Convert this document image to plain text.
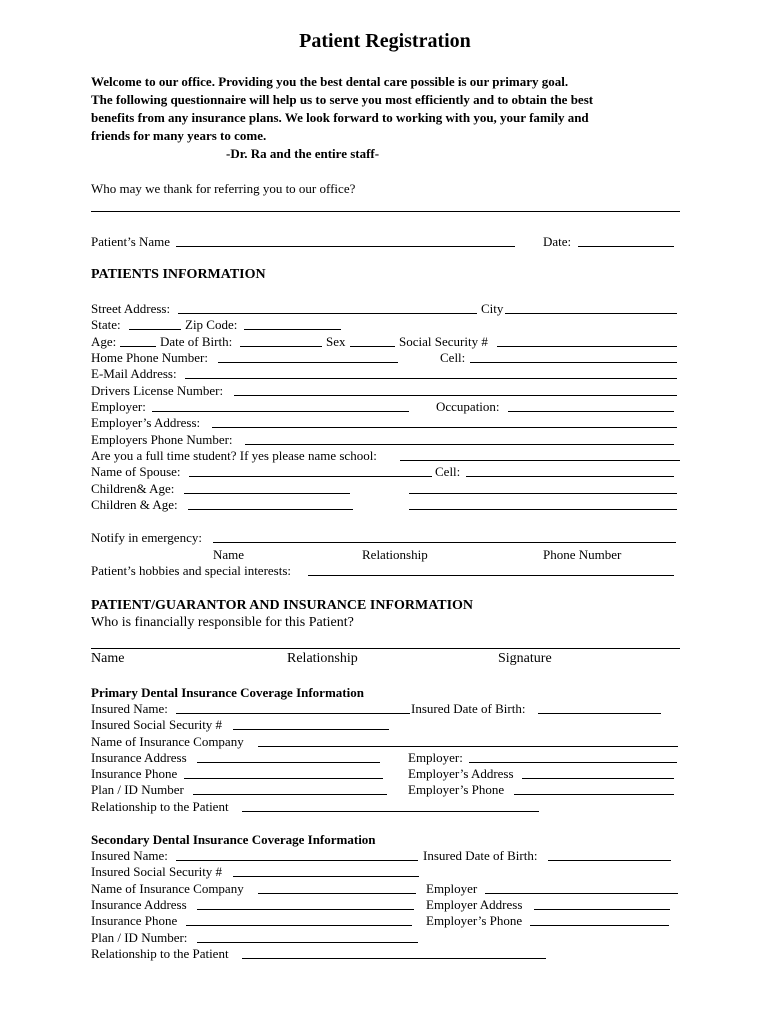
Patient Registration
Welcome to our office. Providing you the best dental care possible is our primary goal.
The following questionnaire will help us to serve you most efficiently and to obtain the best
benefits from any insurance plans. We look forward to working with you, your family and
friends for many years to come.
-Dr. Ra and the entire staff-
Who may we thank for referring you to our office?
Patient’s Name	Date:
PATIENTS INFORMATION
Street Address:	City
State:	Zip Code:
Age:	Date of Birth:	Sex	Social Security #
Home Phone Number:	Cell:
E-Mail Address:
Drivers License Number:
Employer:	Occupation:
Employer’s Address:
Employers Phone Number:
Are you a full time student? If yes please name school:
Name of Spouse:	Cell:
Children& Age:
Children & Age:
Notify in emergency:
Name	Relationship	Phone Number
Patient’s hobbies and special interests:
PATIENT/GUARANTOR AND INSURANCE INFORMATION
Who is financially responsible for this Patient?
Name	Relationship	Signature
Primary Dental Insurance Coverage Information
Insured Name:	Insured Date of Birth:
Insured Social Security #
Name of Insurance Company
Insurance Address	Employer:
Insurance Phone	Employer’s Address
Plan / ID Number	Employer’s Phone
Relationship to the Patient
Secondary Dental Insurance Coverage Information
Insured Name:	Insured Date of Birth:
Insured Social Security #
Name of Insurance Company	Employer
Insurance Address	Employer Address
Insurance Phone	Employer’s Phone
Plan / ID Number:
Relationship to the Patient
